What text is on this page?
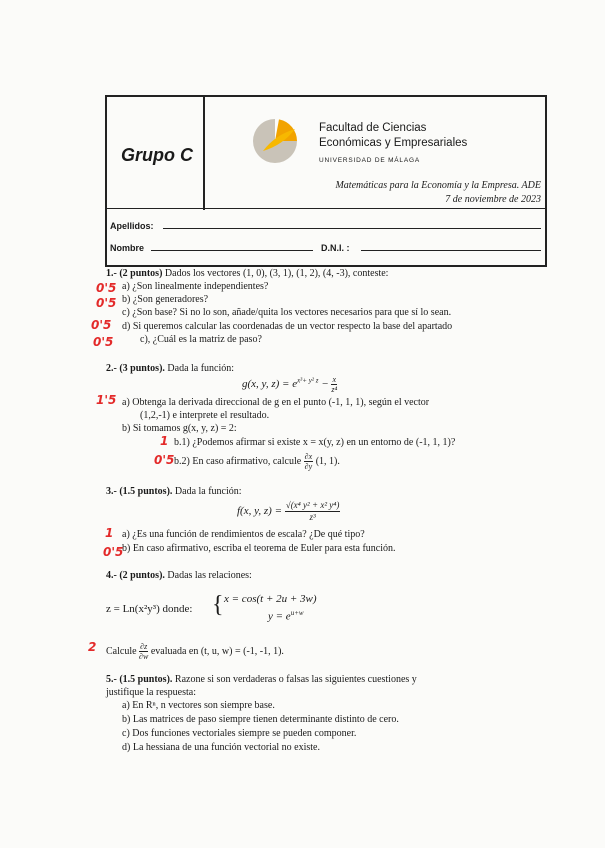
Grupo C
Facultad de Ciencias
Económicas y Empresariales
UNIVERSIDAD DE MÁLAGA
Matemáticas para la Economía y la Empresa. ADE
7 de noviembre de 2023
Apellidos:
Nombre	D.N.I. :
1.- (2 puntos) Dados los vectores (1, 0), (3, 1), (1, 2), (4, -3), conteste:
a) ¿Son linealmente independientes?
b) ¿Son generadores?
c) ¿Son base? Si no lo son, añade/quita los vectores necesarios para que sí lo sean.
d) Si queremos calcular las coordenadas de un vector respecto la base del apartado
c), ¿Cuál es la matriz de paso?
0'5
0'5
0'5
0'5
2.- (3 puntos). Dada la función:
g(x, y, $z) = e^{x^3+ y^2 z} - \frac{x}{\text{z⁴}}$
a) Obtenga la derivada direccional de g en el punto (-1, 1, 1), según el vector
(1,2,-1) e interprete el resultado.
b) Si tomamos g(x, y, z) = 2:
b.1) ¿Podemos afirmar si existe x = x(y, z) en un entorno de (-1, 1, 1)?
b.2) En caso afirmativo, calcule $\frac{\partial x}{\partial y} (1$, 1).
1'5
1
0'5
3.- (1.5 puntos). Dada la función:
f(x, y, $z) = \frac{\text{√(x⁴ y² + x² y⁴)}}{\text{z³}}$
a) ¿Es una función de rendimientos de escala? ¿De qué tipo?
b) En caso afirmativo, escriba el teorema de Euler para esta función.
1
0'5
4.- (2 puntos). Dadas las relaciones:
z = Ln(x²y³) donde: { x = cos(t + 2u + 3w)
$y = e^{u+w}$
Calcule $\frac{\partial z}{\partial w}$ evaluada en (t, u, w) = (-1, -1, 1).
2
5.- (1.5 puntos). Razone si son verdaderas o falsas las siguientes cuestiones y
justifique la respuesta:
a) En Rⁿ, n vectores son siempre base.
b) Las matrices de paso siempre tienen determinante distinto de cero.
c) Dos funciones vectoriales siempre se pueden componer.
d) La hessiana de una función vectorial no existe.
